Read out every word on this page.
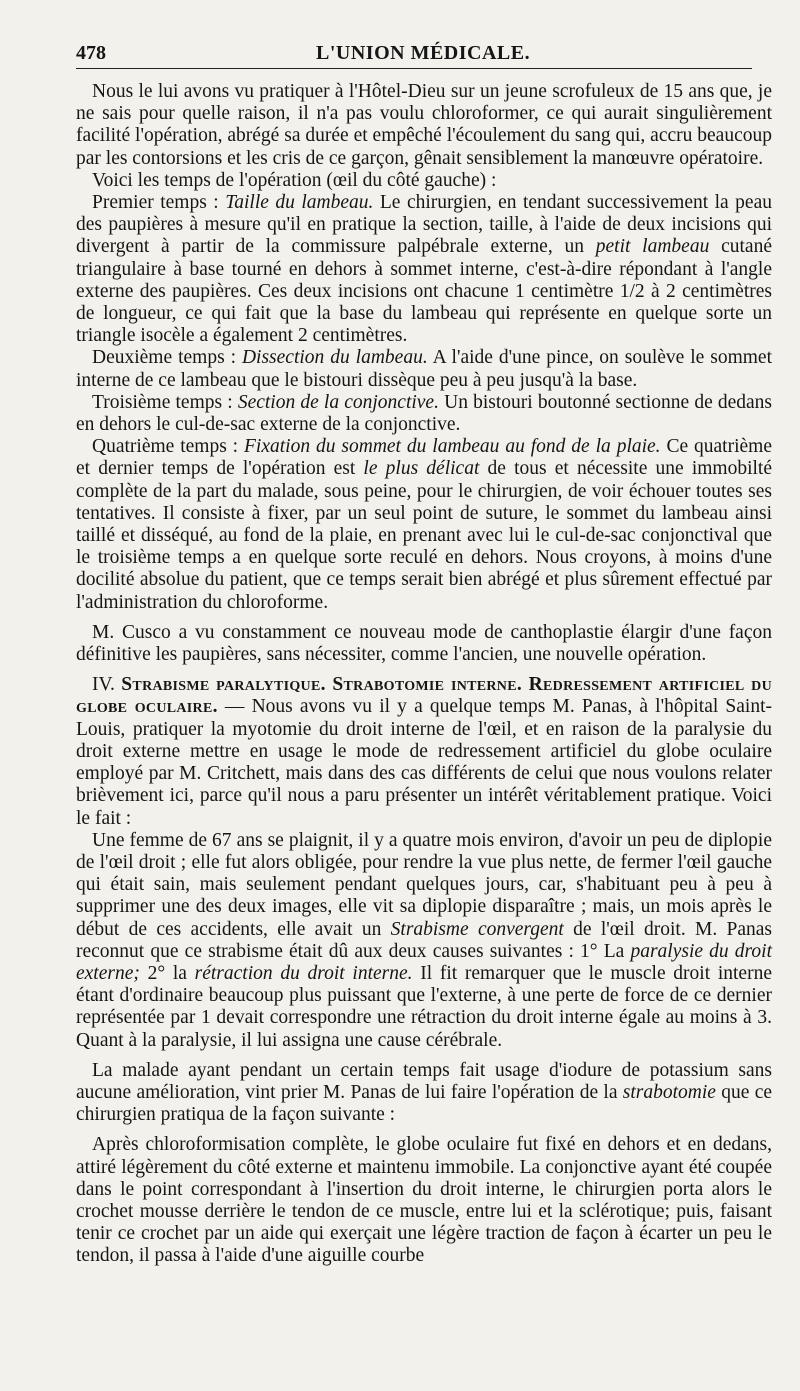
478	L'UNION MÉDICALE.

Nous le lui avons vu pratiquer à l'Hôtel-Dieu sur un jeune scrofuleux de 15 ans que, je ne sais pour quelle raison, il n'a pas voulu chloroformer, ce qui aurait singulièrement facilité l'opération, abrégé sa durée et empêché l'écoulement du sang qui, accru beaucoup par les contorsions et les cris de ce garçon, gênait sensiblement la manœuvre opératoire.

Voici les temps de l'opération (œil du côté gauche) :

Premier temps : Taille du lambeau. Le chirurgien, en tendant successivement la peau des paupières à mesure qu'il en pratique la section, taille, à l'aide de deux incisions qui divergent à partir de la commissure palpébrale externe, un petit lambeau cutané triangulaire à base tourné en dehors à sommet interne, c'est-à-dire répondant à l'angle externe des paupières. Ces deux incisions ont chacune 1 centimètre 1/2 à 2 centimètres de longueur, ce qui fait que la base du lambeau qui représente en quelque sorte un triangle isocèle a également 2 centimètres.

Deuxième temps : Dissection du lambeau. A l'aide d'une pince, on soulève le sommet interne de ce lambeau que le bistouri dissèque peu à peu jusqu'à la base.

Troisième temps : Section de la conjonctive. Un bistouri boutonné sectionne de dedans en dehors le cul-de-sac externe de la conjonctive.

Quatrième temps : Fixation du sommet du lambeau au fond de la plaie. Ce quatrième et dernier temps de l'opération est le plus délicat de tous et nécessite une immobilté complète de la part du malade, sous peine, pour le chirurgien, de voir échouer toutes ses tentatives. Il consiste à fixer, par un seul point de suture, le sommet du lambeau ainsi taillé et disséqué, au fond de la plaie, en prenant avec lui le cul-de-sac conjonctival que le troisième temps a en quelque sorte reculé en dehors. Nous croyons, à moins d'une docilité absolue du patient, que ce temps serait bien abrégé et plus sûrement effectué par l'administration du chloroforme.

M. Cusco a vu constamment ce nouveau mode de canthoplastie élargir d'une façon définitive les paupières, sans nécessiter, comme l'ancien, une nouvelle opération.

IV. Strabisme paralytique. Strabotomie interne. Redressement artificiel du globe oculaire. — Nous avons vu il y a quelque temps M. Panas, à l'hôpital Saint-Louis, pratiquer la myotomie du droit interne de l'œil, et en raison de la paralysie du droit externe mettre en usage le mode de redressement artificiel du globe oculaire employé par M. Critchett, mais dans des cas différents de celui que nous voulons relater brièvement ici, parce qu'il nous a paru présenter un intérêt véritablement pratique. Voici le fait :

Une femme de 67 ans se plaignit, il y a quatre mois environ, d'avoir un peu de diplopie de l'œil droit ; elle fut alors obligée, pour rendre la vue plus nette, de fermer l'œil gauche qui était sain, mais seulement pendant quelques jours, car, s'habituant peu à peu à supprimer une des deux images, elle vit sa diplopie disparaître ; mais, un mois après le début de ces accidents, elle avait un Strabisme convergent de l'œil droit. M. Panas reconnut que ce strabisme était dû aux deux causes suivantes : 1° La paralysie du droit externe; 2° la rétraction du droit interne. Il fit remarquer que le muscle droit interne étant d'ordinaire beaucoup plus puissant que l'externe, à une perte de force de ce dernier représentée par 1 devait correspondre une rétraction du droit interne égale au moins à 3. Quant à la paralysie, il lui assigna une cause cérébrale.

La malade ayant pendant un certain temps fait usage d'iodure de potassium sans aucune amélioration, vint prier M. Panas de lui faire l'opération de la strabotomie que ce chirurgien pratiqua de la façon suivante :

Après chloroformisation complète, le globe oculaire fut fixé en dehors et en dedans, attiré légèrement du côté externe et maintenu immobile. La conjonctive ayant été coupée dans le point correspondant à l'insertion du droit interne, le chirurgien porta alors le crochet mousse derrière le tendon de ce muscle, entre lui et la sclérotique; puis, faisant tenir ce crochet par un aide qui exerçait une légère traction de façon à écarter un peu le tendon, il passa à l'aide d'une aiguille courbe
